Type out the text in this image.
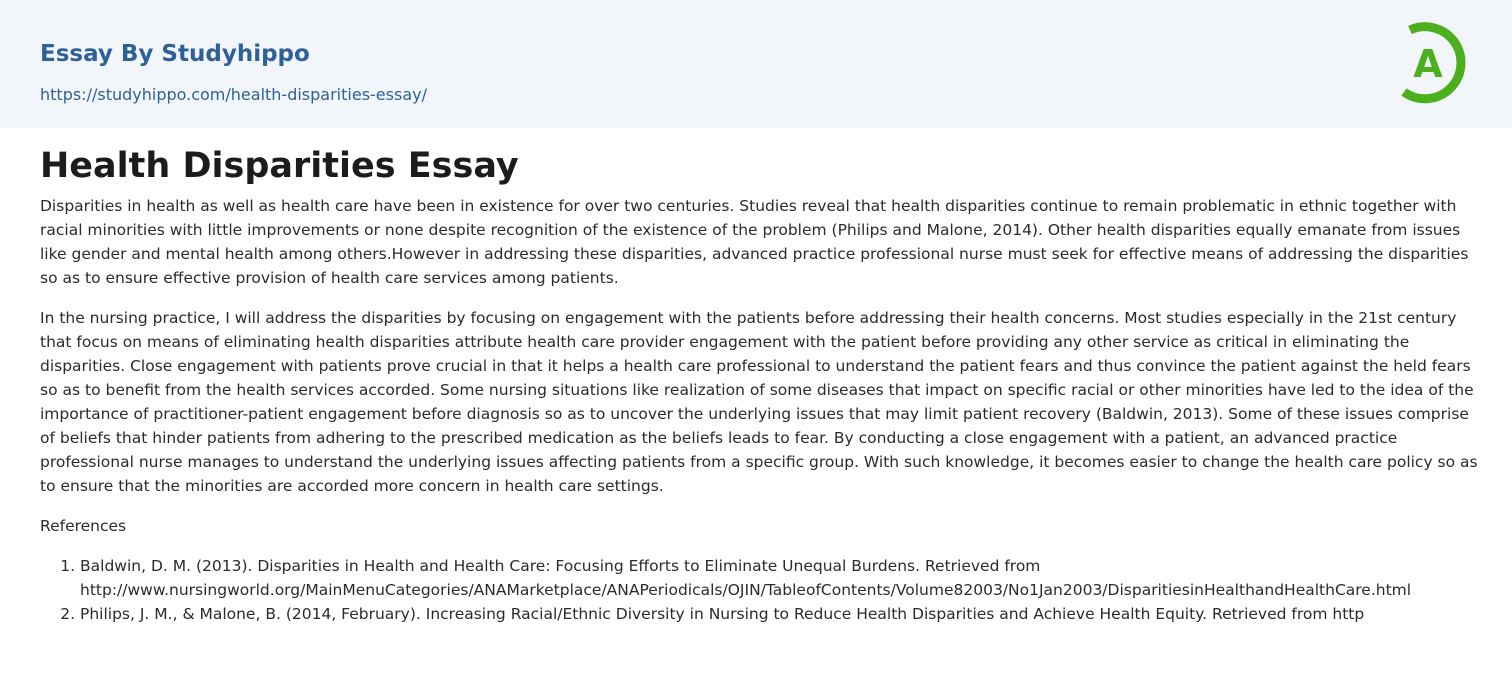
Essay By Studyhippo
https://studyhippo.com/health-disparities-essay/
A
Health Disparities Essay

Disparities in health as well as health care have been in existence for over two centuries. Studies reveal that health disparities continue to remain problematic in ethnic together with racial minorities with little improvements or none despite recognition of the existence of the problem (Philips and Malone, 2014). Other health disparities equally emanate from issues like gender and mental health among others.However in addressing these disparities, advanced practice professional nurse must seek for effective means of addressing the disparities so as to ensure effective provision of health care services among patients.

In the nursing practice, I will address the disparities by focusing on engagement with the patients before addressing their health concerns. Most studies especially in the 21st century that focus on means of eliminating health disparities attribute health care provider engagement with the patient before providing any other service as critical in eliminating the disparities. Close engagement with patients prove crucial in that it helps a health care professional to understand the patient fears and thus convince the patient against the held fears so as to benefit from the health services accorded. Some nursing situations like realization of some diseases that impact on specific racial or other minorities have led to the idea of the importance of practitioner-patient engagement before diagnosis so as to uncover the underlying issues that may limit patient recovery (Baldwin, 2013). Some of these issues comprise of beliefs that hinder patients from adhering to the prescribed medication as the beliefs leads to fear. By conducting a close engagement with a patient, an advanced practice professional nurse manages to understand the underlying issues affecting patients from a specific group. With such knowledge, it becomes easier to change the health care policy so as to ensure that the minorities are accorded more concern in health care settings.

References
1. Baldwin, D. M. (2013). Disparities in Health and Health Care: Focusing Efforts to Eliminate Unequal Burdens. Retrieved from
http://www.nursingworld.org/MainMenuCategories/ANAMarketplace/ANAPeriodicals/OJIN/TableofContents/Volume82003/No1Jan2003/DisparitiesinHealthandHealthCare.html
2. Philips, J. M., & Malone, B. (2014, February). Increasing Racial/Ethnic Diversity in Nursing to Reduce Health Disparities and Achieve Health Equity. Retrieved from http
